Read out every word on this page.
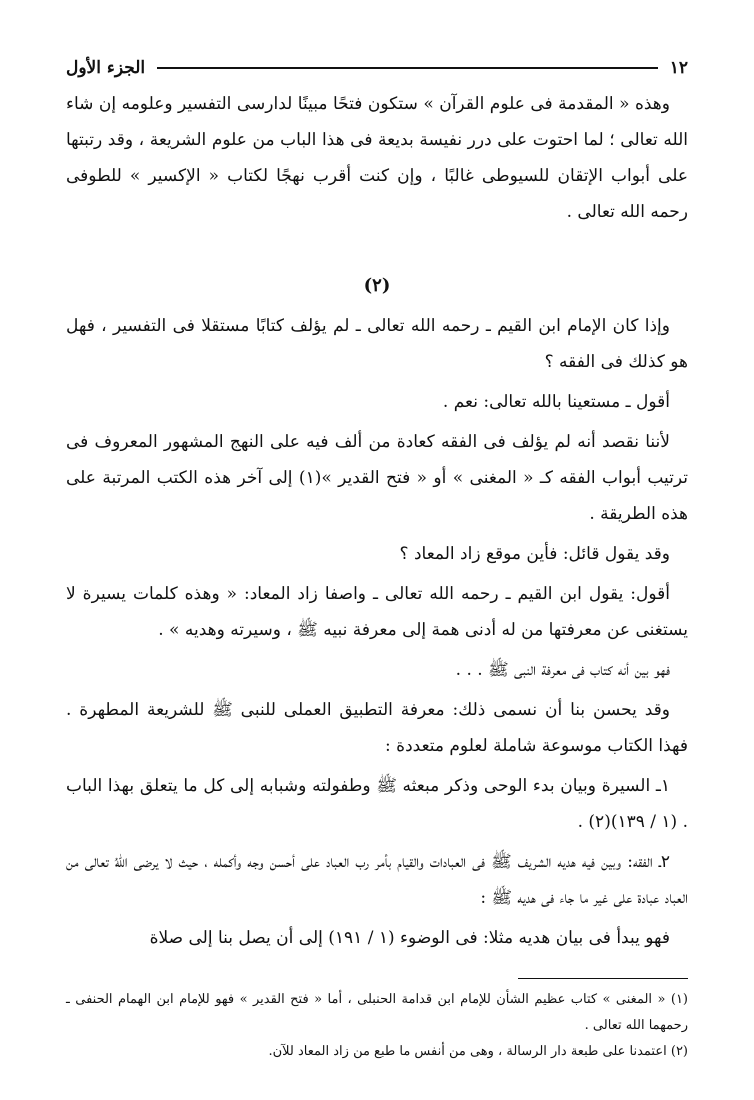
١٢
الجزء الأول

وهذه « المقدمة فى علوم القرآن » ستكون فتحًا مبينًا لدارسى التفسير وعلومه إن شاء الله تعالى ؛ لما احتوت على درر نفيسة بديعة فى هذا الباب من علوم الشريعة ، وقد رتبتها على أبواب الإتقان للسيوطى غالبًا ، وإن كنت أقرب نهجًا لكتاب « الإكسير » للطوفى رحمه الله تعالى .

(٢)

وإذا كان الإمام ابن القيم ـ رحمه الله تعالى ـ لم يؤلف كتابًا مستقلا فى التفسير ، فهل هو كذلك فى الفقه ؟

أقول ـ مستعينا بالله تعالى: نعم .

لأننا نقصد أنه لم يؤلف فى الفقه كعادة من ألف فيه على النهج المشهور المعروف فى ترتيب أبواب الفقه كـ « المغنى » أو « فتح القدير »(١) إلى آخر هذه الكتب المرتبة على هذه الطريقة .

وقد يقول قائل: فأين موقع زاد المعاد ؟

أقول: يقول ابن القيم ـ رحمه الله تعالى ـ واصفا زاد المعاد: « وهذه كلمات يسيرة لا يستغنى عن معرفتها من له أدنى همة إلى معرفة نبيه ﷺ ، وسيرته وهديه » .

فهو بين أنه كتاب فى معرفة النبى ﷺ . . .

وقد يحسن بنا أن نسمى ذلك: معرفة التطبيق العملى للنبى ﷺ للشريعة المطهرة . فهذا الكتاب موسوعة شاملة لعلوم متعددة :

١ـ السيرة وبيان بدء الوحى وذكر مبعثه ﷺ وطفولته وشبابه إلى كل ما يتعلق بهذا الباب . (١ / ١٣٩)(٢) .

٢ـ الفقه: وبين فيه هديه الشريف ﷺ فى العبادات والقيام بأمر رب العباد على أحسن وجه وأكمله ، حيث لا يرضى اللهُ تعالى من العباد عبادة على غير ما جاء فى هديه ﷺ :

فهو يبدأ فى بيان هديه مثلا: فى الوضوء (١ / ١٩١) إلى أن يصل بنا إلى صلاة

(١) « المغنى » كتاب عظيم الشأن للإمام ابن قدامة الحنبلى ، أما « فتح القدير » فهو للإمام ابن الهمام الحنفى ـ رحمهما الله تعالى .

(٢) اعتمدنا على طبعة دار الرسالة ، وهى من أنفس ما طبع من زاد المعاد للآن.
